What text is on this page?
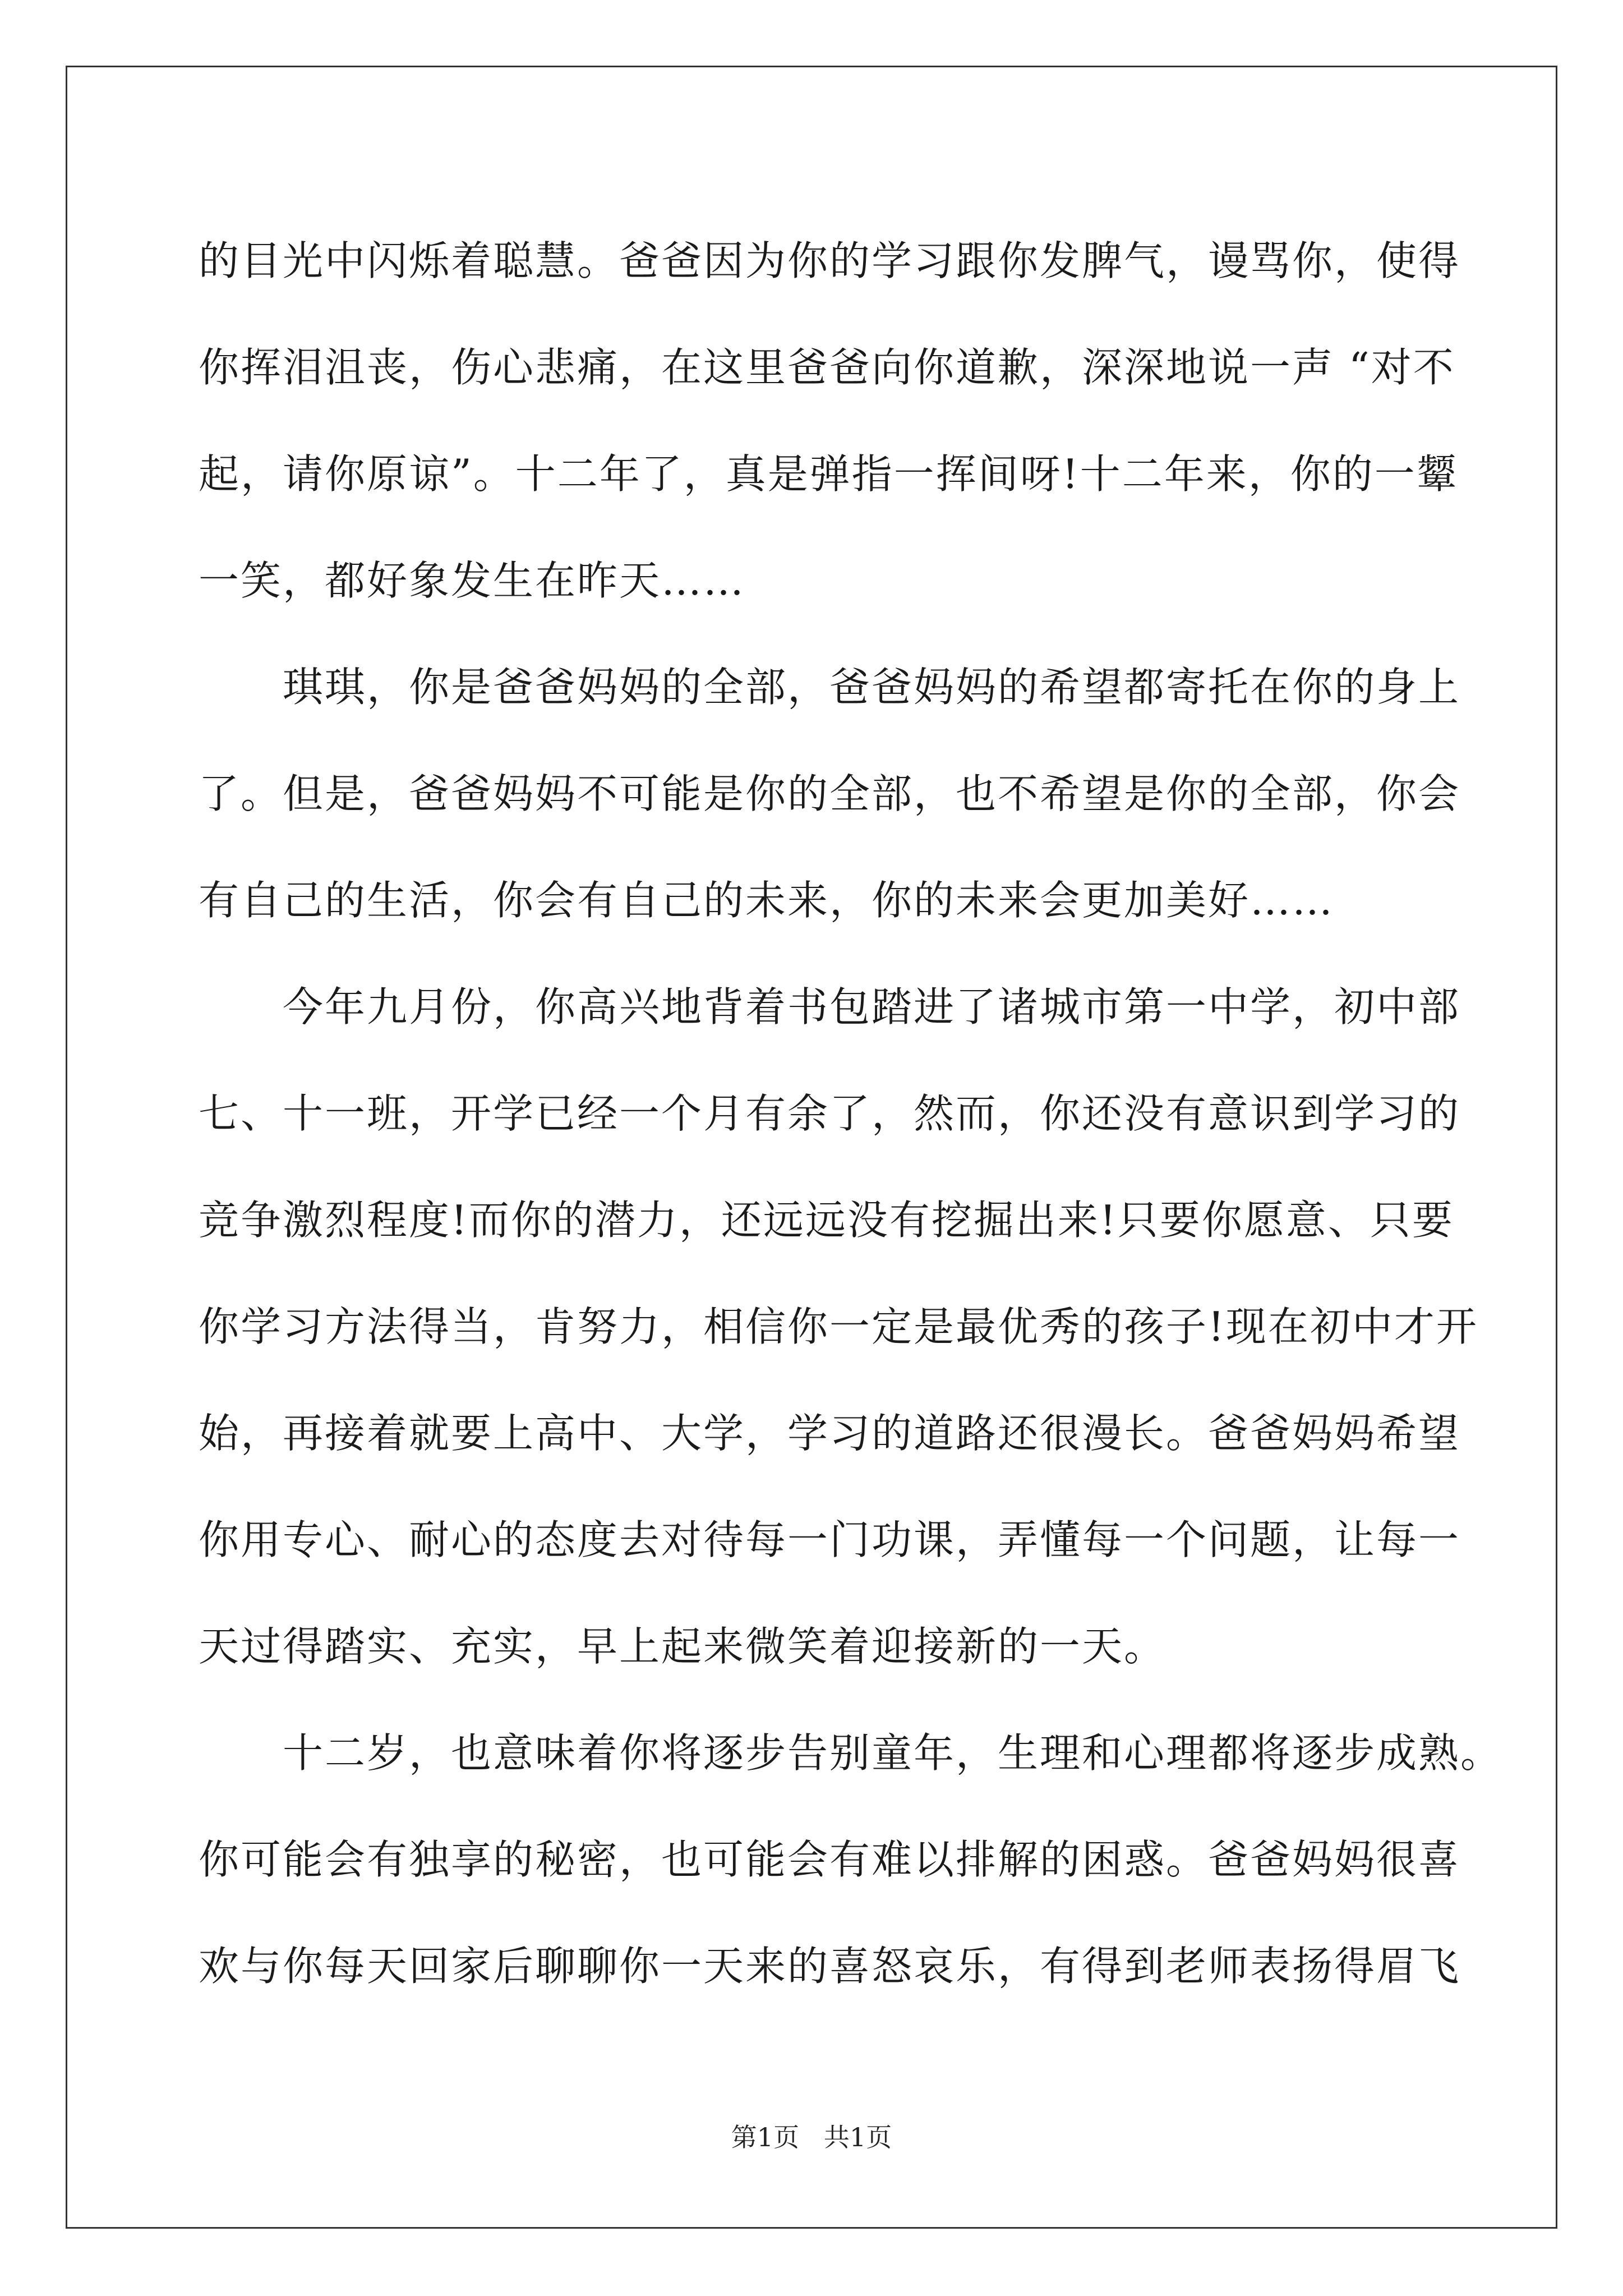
的目光中闪烁着聪慧。爸爸因为你的学习跟你发脾气，谩骂你，使得
你挥泪沮丧，伤心悲痛，在这里爸爸向你道歉，深深地说一声 “对不
起，请你原谅”。十二年了，真是弹指一挥间呀!十二年来，你的一颦
一笑，都好象发生在昨天……
琪琪，你是爸爸妈妈的全部，爸爸妈妈的希望都寄托在你的身上
了。但是，爸爸妈妈不可能是你的全部，也不希望是你的全部，你会
有自己的生活，你会有自己的未来，你的未来会更加美好……
今年九月份，你高兴地背着书包踏进了诸城市第一中学，初中部
七、十一班，开学已经一个月有余了，然而，你还没有意识到学习的
竞争激烈程度!而你的潜力，还远远没有挖掘出来!只要你愿意、只要
你学习方法得当，肯努力，相信你一定是最优秀的孩子!现在初中才开
始，再接着就要上高中、大学，学习的道路还很漫长。爸爸妈妈希望
你用专心、耐心的态度去对待每一门功课，弄懂每一个问题，让每一
天过得踏实、充实，早上起来微笑着迎接新的一天。
十二岁，也意味着你将逐步告别童年，生理和心理都将逐步成熟。
你可能会有独享的秘密，也可能会有难以排解的困惑。爸爸妈妈很喜
欢与你每天回家后聊聊你一天来的喜怒哀乐，有得到老师表扬得眉飞
第1页   共1页
